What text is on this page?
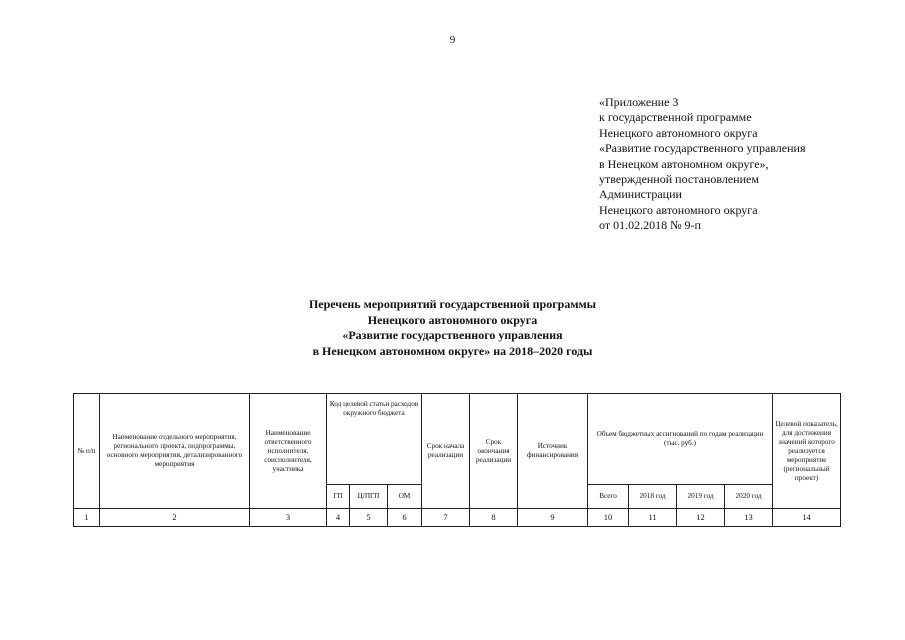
9
«Приложение 3
к государственной программе
Ненецкого автономного округа
«Развитие государственного управления
в Ненецком автономном округе»,
утвержденной постановлением
Администрации
Ненецкого автономного округа
от 01.02.2018 № 9-п
Перечень мероприятий государственной программы
Ненецкого автономного округа
«Развитие государственного управления
в Ненецком автономном округе» на 2018–2020 годы
№ п/п	Наименование отдельного мероприятия, регионального проекта, подпрограммы, основного мероприятия, детализированного мероприятия	Наименование ответственного исполнителя, соисполнителя, участника	Код целевой статьи расходов окружного бюджета			Срок начала реализации	Срок окончания реализации	Источник финансирования	Объем бюджетных ассигнований по годам реализации (тыс. руб.)				Целевой показатель, для достижения значений которого реализуется мероприятие (региональный проект)
			ГП	Ц/ПГП	ОМ				Всего	2018 год	2019 год	2020 год	
1	2	3	4	5	6	7	8	9	10	11	12	13	14
